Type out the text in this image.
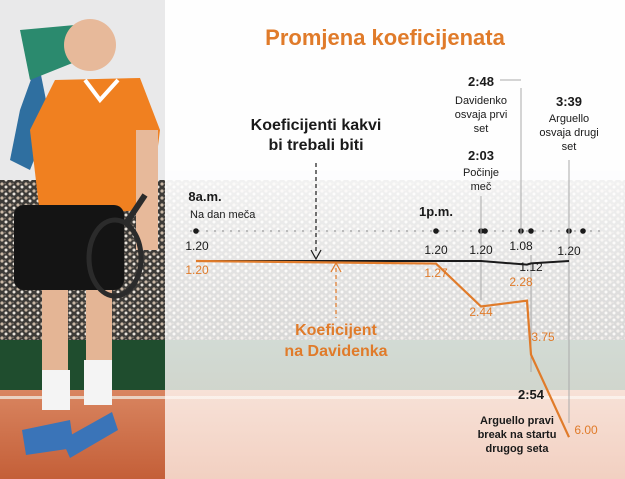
Promjena koeficijenata
8a.m.
1p.m.
1.20	1.20 1.20 1.08
1.12
1.20
1.20	1.27
2.44
2.28
3.75
6.00
Na dan meča
2:03
Počinje
meč
2:48
Davidenko
osvaja prvi
set
3:39
Arguello
osvaja drugi
set
2:54
Arguello pravi
break na startu
drugog seta
Koeficijenti kakvi
bi trebali biti
Koeficijent
na Davidenka
